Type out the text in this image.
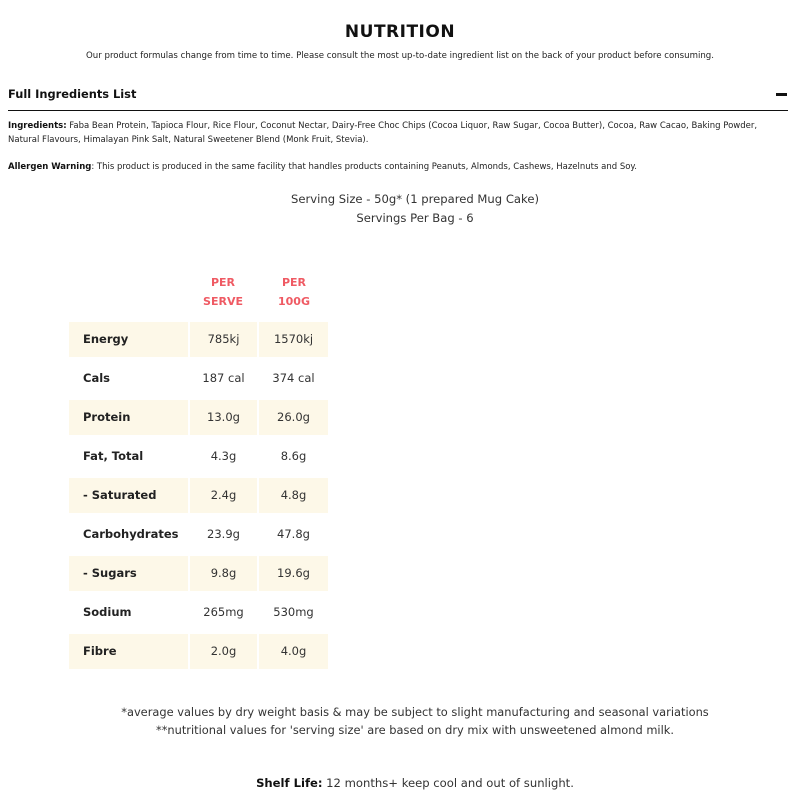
NUTRITION
Our product formulas change from time to time. Please consult the most up-to-date ingredient list on the back of your product before consuming.
Full Ingredients List
Ingredients: Faba Bean Protein, Tapioca Flour, Rice Flour, Coconut Nectar, Dairy-Free Choc Chips (Cocoa Liquor, Raw Sugar, Cocoa Butter), Cocoa, Raw Cacao, Baking Powder, Natural Flavours, Himalayan Pink Salt, Natural Sweetener Blend (Monk Fruit, Stevia).
Allergen Warning: This product is produced in the same facility that handles products containing Peanuts, Almonds, Cashews, Hazelnuts and Soy.
Serving Size - 50g* (1 prepared Mug Cake)
Servings Per Bag - 6
PER
SERVE
PER
100G
Energy	785kj	1570kj
Cals	187 cal	374 cal
Protein	13.0g	26.0g
Fat, Total	4.3g	8.6g
- Saturated	2.4g	4.8g
Carbohydrates	23.9g	47.8g
- Sugars	9.8g	19.6g
Sodium	265mg	530mg
Fibre	2.0g	4.0g
*average values by dry weight basis & may be subject to slight manufacturing and seasonal variations
**nutritional values for 'serving size' are based on dry mix with unsweetened almond milk.
Shelf Life: 12 months+ keep cool and out of sunlight.
